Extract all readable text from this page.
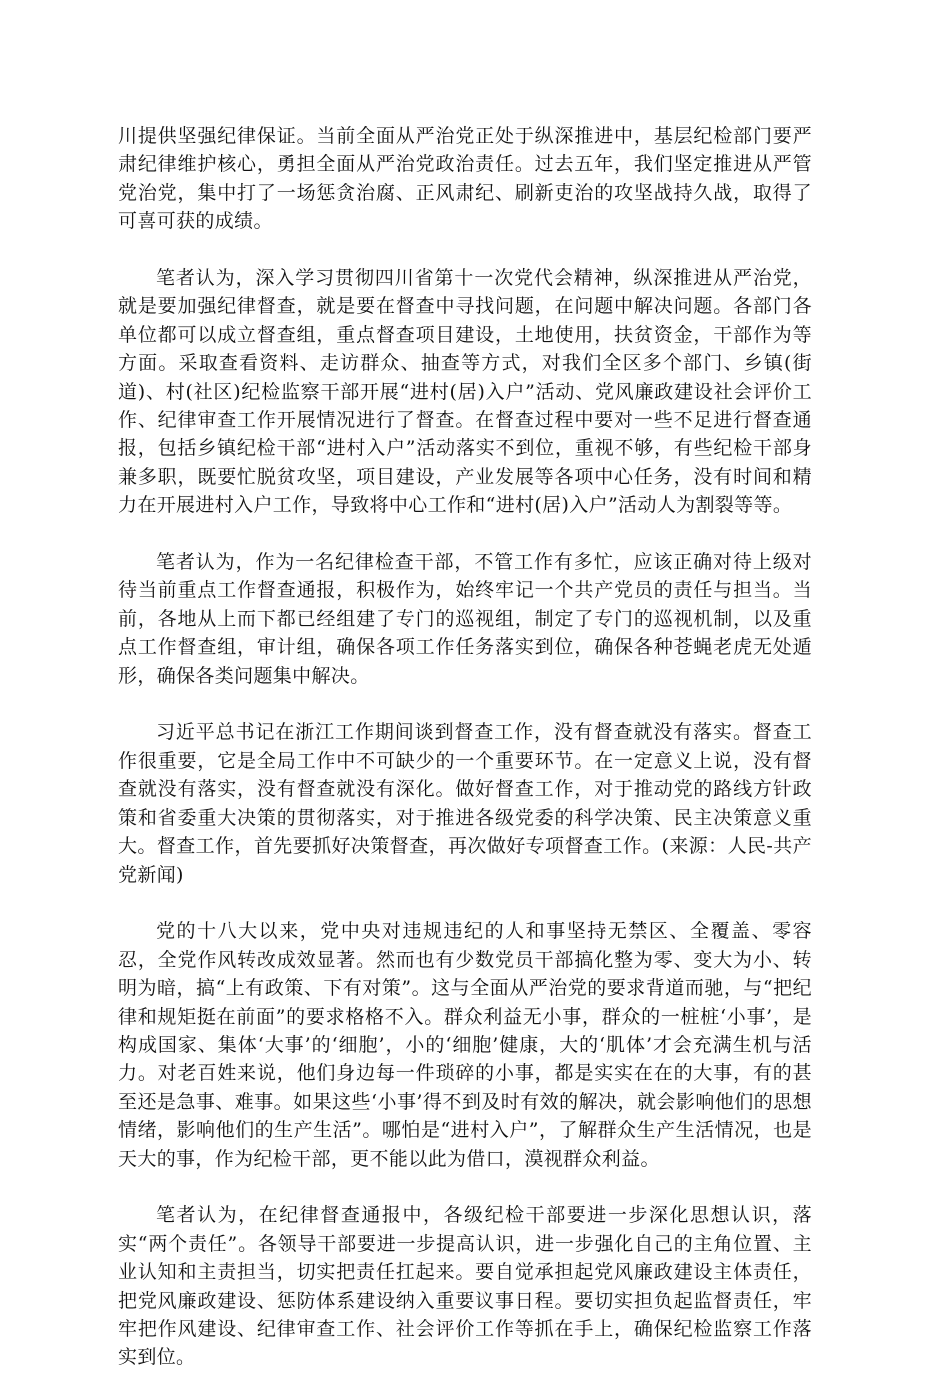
川提供坚强纪律保证。当前全面从严治党正处于纵深推进中，基层纪检部门要严肃纪律维护核心，勇担全面从严治党政治责任。过去五年，我们坚定推进从严管党治党，集中打了一场惩贪治腐、正风肃纪、刷新吏治的攻坚战持久战，取得了可喜可获的成绩。

笔者认为，深入学习贯彻四川省第十一次党代会精神，纵深推进从严治党，就是要加强纪律督查，就是要在督查中寻找问题，在问题中解决问题。各部门各单位都可以成立督查组，重点督查项目建设，土地使用，扶贫资金，干部作为等方面。采取查看资料、走访群众、抽查等方式，对我们全区多个部门、乡镇(街道)、村(社区)纪检监察干部开展“进村(居)入户”活动、党风廉政建设社会评价工作、纪律审查工作开展情况进行了督查。在督查过程中要对一些不足进行督查通报，包括乡镇纪检干部“进村入户”活动落实不到位，重视不够，有些纪检干部身兼多职，既要忙脱贫攻坚，项目建设，产业发展等各项中心任务，没有时间和精力在开展进村入户工作，导致将中心工作和“进村(居)入户”活动人为割裂等等。

笔者认为，作为一名纪律检查干部，不管工作有多忙，应该正确对待上级对待当前重点工作督查通报，积极作为，始终牢记一个共产党员的责任与担当。当前，各地从上而下都已经组建了专门的巡视组，制定了专门的巡视机制，以及重点工作督查组，审计组，确保各项工作任务落实到位，确保各种苍蝇老虎无处遁形，确保各类问题集中解决。

习近平总书记在浙江工作期间谈到督查工作，没有督查就没有落实。督查工作很重要，它是全局工作中不可缺少的一个重要环节。在一定意义上说，没有督查就没有落实，没有督查就没有深化。做好督查工作，对于推动党的路线方针政策和省委重大决策的贯彻落实，对于推进各级党委的科学决策、民主决策意义重大。督查工作，首先要抓好决策督查，再次做好专项督查工作。(来源：人民-共产党新闻)

党的十八大以来，党中央对违规违纪的人和事坚持无禁区、全覆盖、零容忍，全党作风转改成效显著。然而也有少数党员干部搞化整为零、变大为小、转明为暗，搞“上有政策、下有对策”。这与全面从严治党的要求背道而驰，与“把纪律和规矩挺在前面”的要求格格不入。群众利益无小事，群众的一桩桩‘小事’，是构成国家、集体‘大事’的‘细胞’，小的‘细胞’健康，大的‘肌体’才会充满生机与活力。对老百姓来说，他们身边每一件琐碎的小事，都是实实在在的大事，有的甚至还是急事、难事。如果这些‘小事’得不到及时有效的解决，就会影响他们的思想情绪，影响他们的生产生活”。哪怕是“进村入户”，了解群众生产生活情况，也是天大的事，作为纪检干部，更不能以此为借口，漠视群众利益。

笔者认为，在纪律督查通报中，各级纪检干部要进一步深化思想认识，落实“两个责任”。各领导干部要进一步提高认识，进一步强化自己的主角位置、主业认知和主责担当，切实把责任扛起来。要自觉承担起党风廉政建设主体责任，把党风廉政建设、惩防体系建设纳入重要议事日程。要切实担负起监督责任，牢牢把作风建设、纪律审查工作、社会评价工作等抓在手上，确保纪检监察工作落实到位。
